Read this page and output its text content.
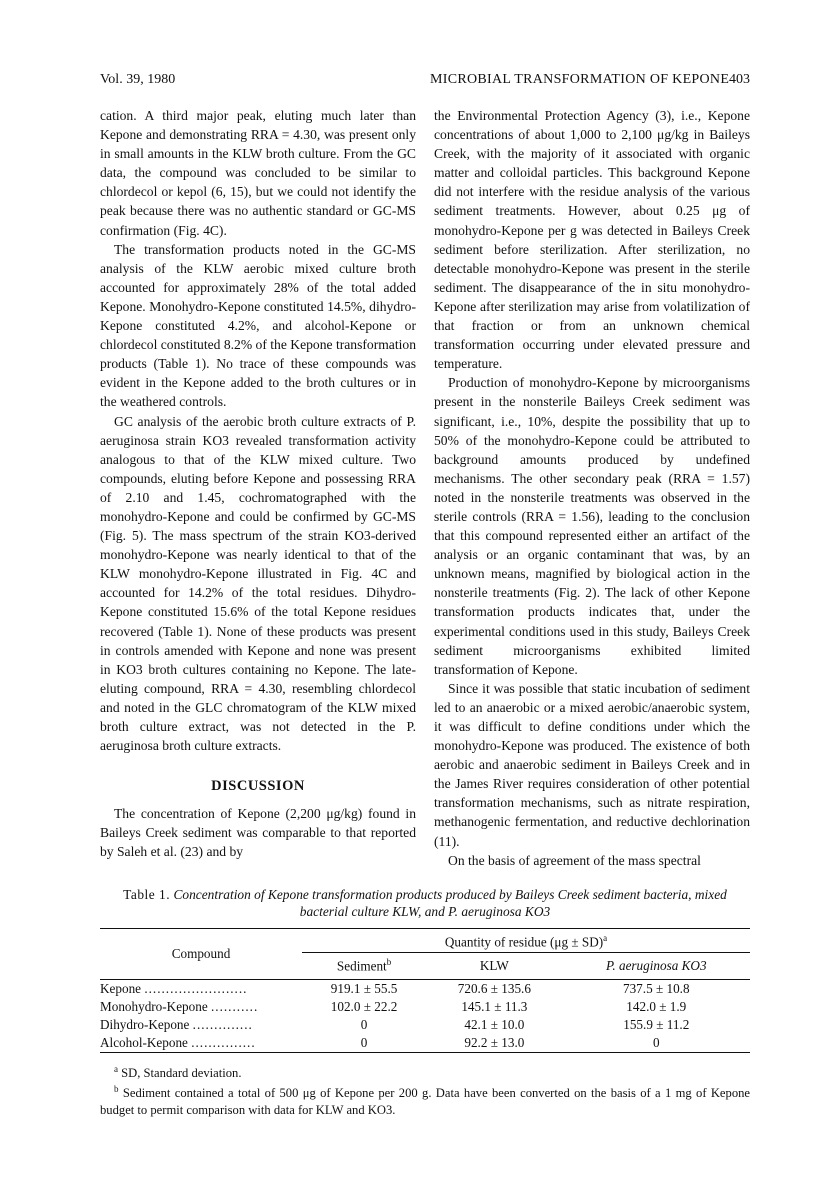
Vol. 39, 1980	MICROBIAL TRANSFORMATION OF KEPONE 403

cation. A third major peak, eluting much later than Kepone and demonstrating RRA = 4.30, was present only in small amounts in the KLW broth culture. From the GC data, the compound was concluded to be similar to chlordecol or kepol (6, 15), but we could not identify the peak because there was no authentic standard or GC-MS confirmation (Fig. 4C).

The transformation products noted in the GC-MS analysis of the KLW aerobic mixed culture broth accounted for approximately 28% of the total added Kepone. Monohydro-Kepone constituted 14.5%, dihydro-Kepone constituted 4.2%, and alcohol-Kepone or chlordecol constituted 8.2% of the Kepone transformation products (Table 1). No trace of these compounds was evident in the Kepone added to the broth cultures or in the weathered controls.

GC analysis of the aerobic broth culture extracts of P. aeruginosa strain KO3 revealed transformation activity analogous to that of the KLW mixed culture. Two compounds, eluting before Kepone and possessing RRA of 2.10 and 1.45, cochromatographed with the monohydro-Kepone and could be confirmed by GC-MS (Fig. 5). The mass spectrum of the strain KO3-derived monohydro-Kepone was nearly identical to that of the KLW monohydro-Kepone illustrated in Fig. 4C and accounted for 14.2% of the total residues. Dihydro-Kepone constituted 15.6% of the total Kepone residues recovered (Table 1). None of these products was present in controls amended with Kepone and none was present in KO3 broth cultures containing no Kepone. The late-eluting compound, RRA = 4.30, resembling chlordecol and noted in the GLC chromatogram of the KLW mixed broth culture extract, was not detected in the P. aeruginosa broth culture extracts.

DISCUSSION

The concentration of Kepone (2,200 μg/kg) found in Baileys Creek sediment was comparable to that reported by Saleh et al. (23) and by

the Environmental Protection Agency (3), i.e., Kepone concentrations of about 1,000 to 2,100 μg/kg in Baileys Creek, with the majority of it associated with organic matter and colloidal particles. This background Kepone did not interfere with the residue analysis of the various sediment treatments. However, about 0.25 μg of monohydro-Kepone per g was detected in Baileys Creek sediment before sterilization. After sterilization, no detectable monohydro-Kepone was present in the sterile sediment. The disappearance of the in situ monohydro-Kepone after sterilization may arise from volatilization of that fraction or from an unknown chemical transformation occurring under elevated pressure and temperature.

Production of monohydro-Kepone by microorganisms present in the nonsterile Baileys Creek sediment was significant, i.e., 10%, despite the possibility that up to 50% of the monohydro-Kepone could be attributed to background amounts produced by undefined mechanisms. The other secondary peak (RRA = 1.57) noted in the nonsterile treatments was observed in the sterile controls (RRA = 1.56), leading to the conclusion that this compound represented either an artifact of the analysis or an organic contaminant that was, by an unknown means, magnified by biological action in the nonsterile treatments (Fig. 2). The lack of other Kepone transformation products indicates that, under the experimental conditions used in this study, Baileys Creek sediment microorganisms exhibited limited transformation of Kepone.

Since it was possible that static incubation of sediment led to an anaerobic or a mixed aerobic/anaerobic system, it was difficult to define conditions under which the monohydro-Kepone was produced. The existence of both aerobic and anaerobic sediment in Baileys Creek and in the James River requires consideration of other potential transformation mechanisms, such as nitrate respiration, methanogenic fermentation, and reductive dechlorination (11).

On the basis of agreement of the mass spectral

Table 1. Concentration of Kepone transformation products produced by Baileys Creek sediment bacteria, mixed bacterial culture KLW, and P. aeruginosa KO3
Compound	Quantity of residue (μg ± SD)$^a$
	Sediment$^b$	KLW	P. aeruginosa KO3
Kepone ........................	919.1 ± 55.5	720.6 ± 135.6	737.5 ± 10.8
Monohydro-Kepone ...........	102.0 ± 22.2	145.1 ± 11.3	142.0 ± 1.9
Dihydro-Kepone ..............	0	42.1 ± 10.0	155.9 ± 11.2
Alcohol-Kepone ...............	0	92.2 ± 13.0	0

$^a$ SD, Standard deviation.

$^b$ Sediment contained a total of 500 μg of Kepone per 200 g. Data have been converted on the basis of a 1 mg of Kepone budget to permit comparison with data for KLW and KO3.
